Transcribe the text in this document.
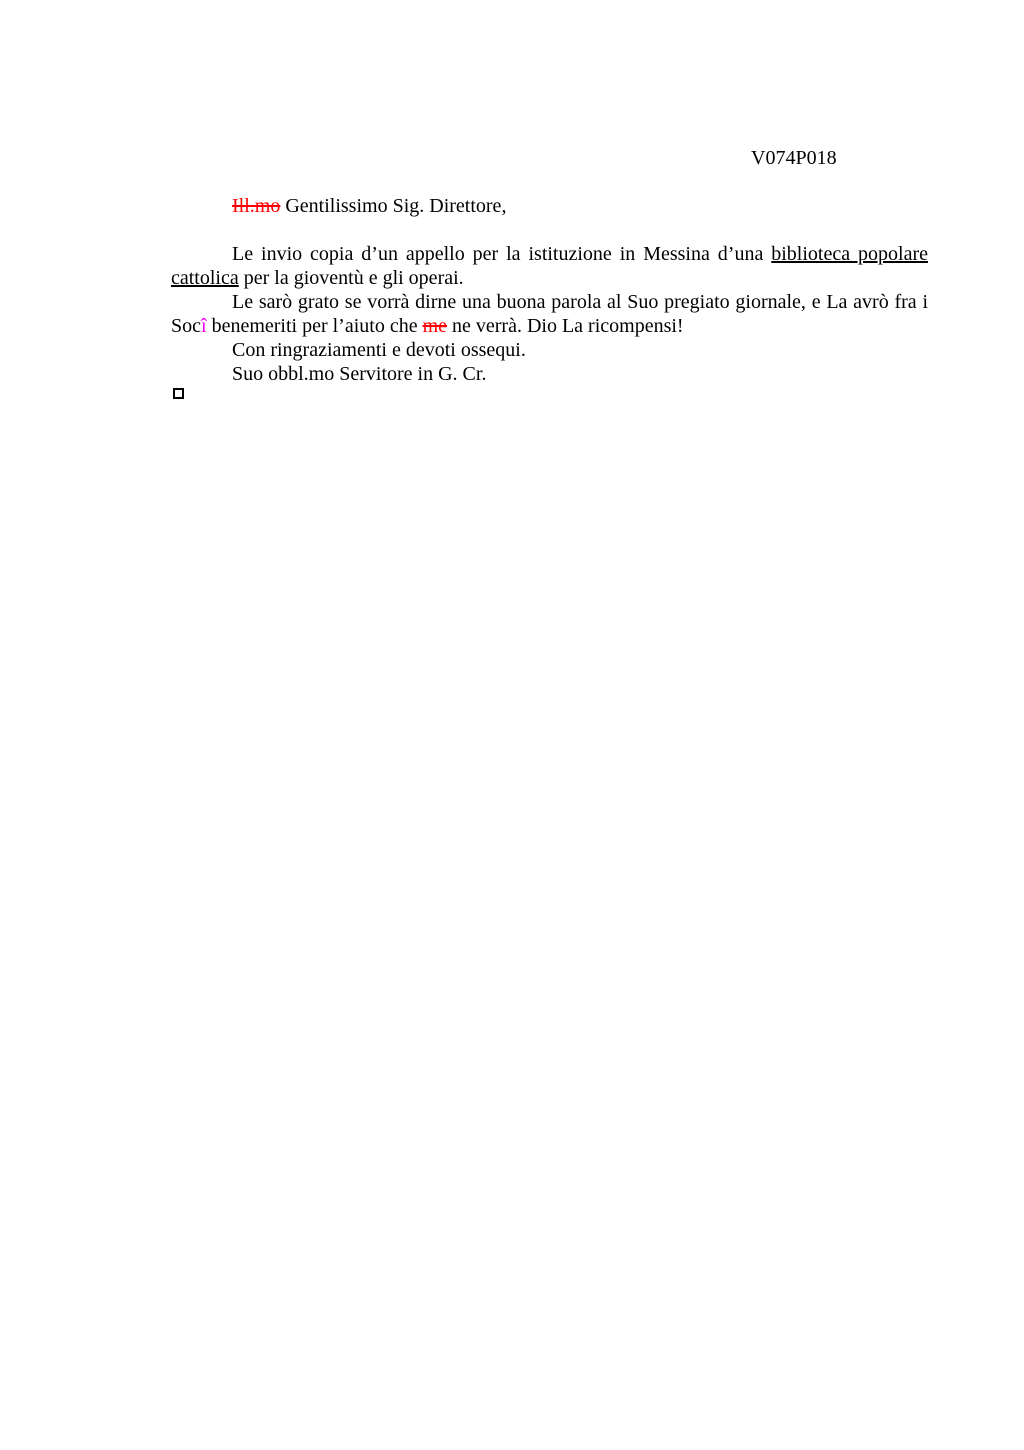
V074P018

Ill.mo Gentilissimo Sig. Direttore,

Le invio copia d’un appello per la istituzione in Messina d’una biblioteca popolare cattolica per la gioventù e gli operai.

Le sarò grato se vorrà dirne una buona parola al Suo pregiato giornale, e La avrò fra i Socî benemeriti per l’aiuto che me ne verrà. Dio La ricompensi!

Con ringraziamenti e devoti ossequi.

Suo obbl.mo Servitore in G. Cr.
